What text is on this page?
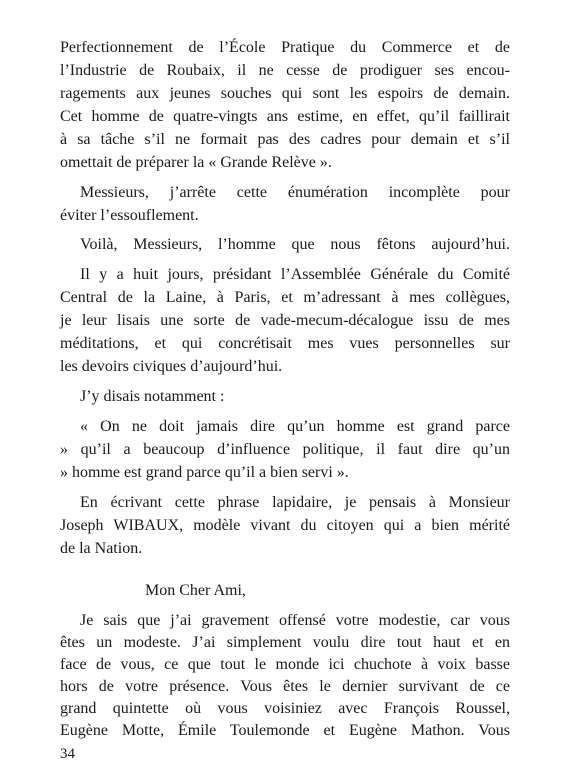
Perfectionnement de l’École Pratique du Commerce et de
l’Industrie de Roubaix, il ne cesse de prodiguer ses encou-
ragements aux jeunes souches qui sont les espoirs de demain.
Cet homme de quatre-vingts ans estime, en effet, qu’il faillirait
à sa tâche s’il ne formait pas des cadres pour demain et s’il
omettait de préparer la « Grande Relève ».
Messieurs, j’arrête cette énumération incomplète pour
éviter l’essouflement.
Voilà, Messieurs, l’homme que nous fêtons aujourd’hui.
Il y a huit jours, présidant l’Assemblée Générale du Comité
Central de la Laine, à Paris, et m’adressant à mes collègues,
je leur lisais une sorte de vade-mecum-décalogue issu de mes
méditations, et qui concrétisait mes vues personnelles sur
les devoirs civiques d’aujourd’hui.
J’y disais notamment :
« On ne doit jamais dire qu’un homme est grand parce
» qu’il a beaucoup d’influence politique, il faut dire qu’un
» homme est grand parce qu’il a bien servi ».
En écrivant cette phrase lapidaire, je pensais à Monsieur
Joseph WIBAUX, modèle vivant du citoyen qui a bien mérité
de la Nation.
Mon Cher Ami,
Je sais que j’ai gravement offensé votre modestie, car vous
êtes un modeste. J’ai simplement voulu dire tout haut et en
face de vous, ce que tout le monde ici chuchote à voix basse
hors de votre présence. Vous êtes le dernier survivant de ce
grand quintette où vous voisiniez avec François Roussel,
Eugène Motte, Émile Toulemonde et Eugène Mathon. Vous
34
